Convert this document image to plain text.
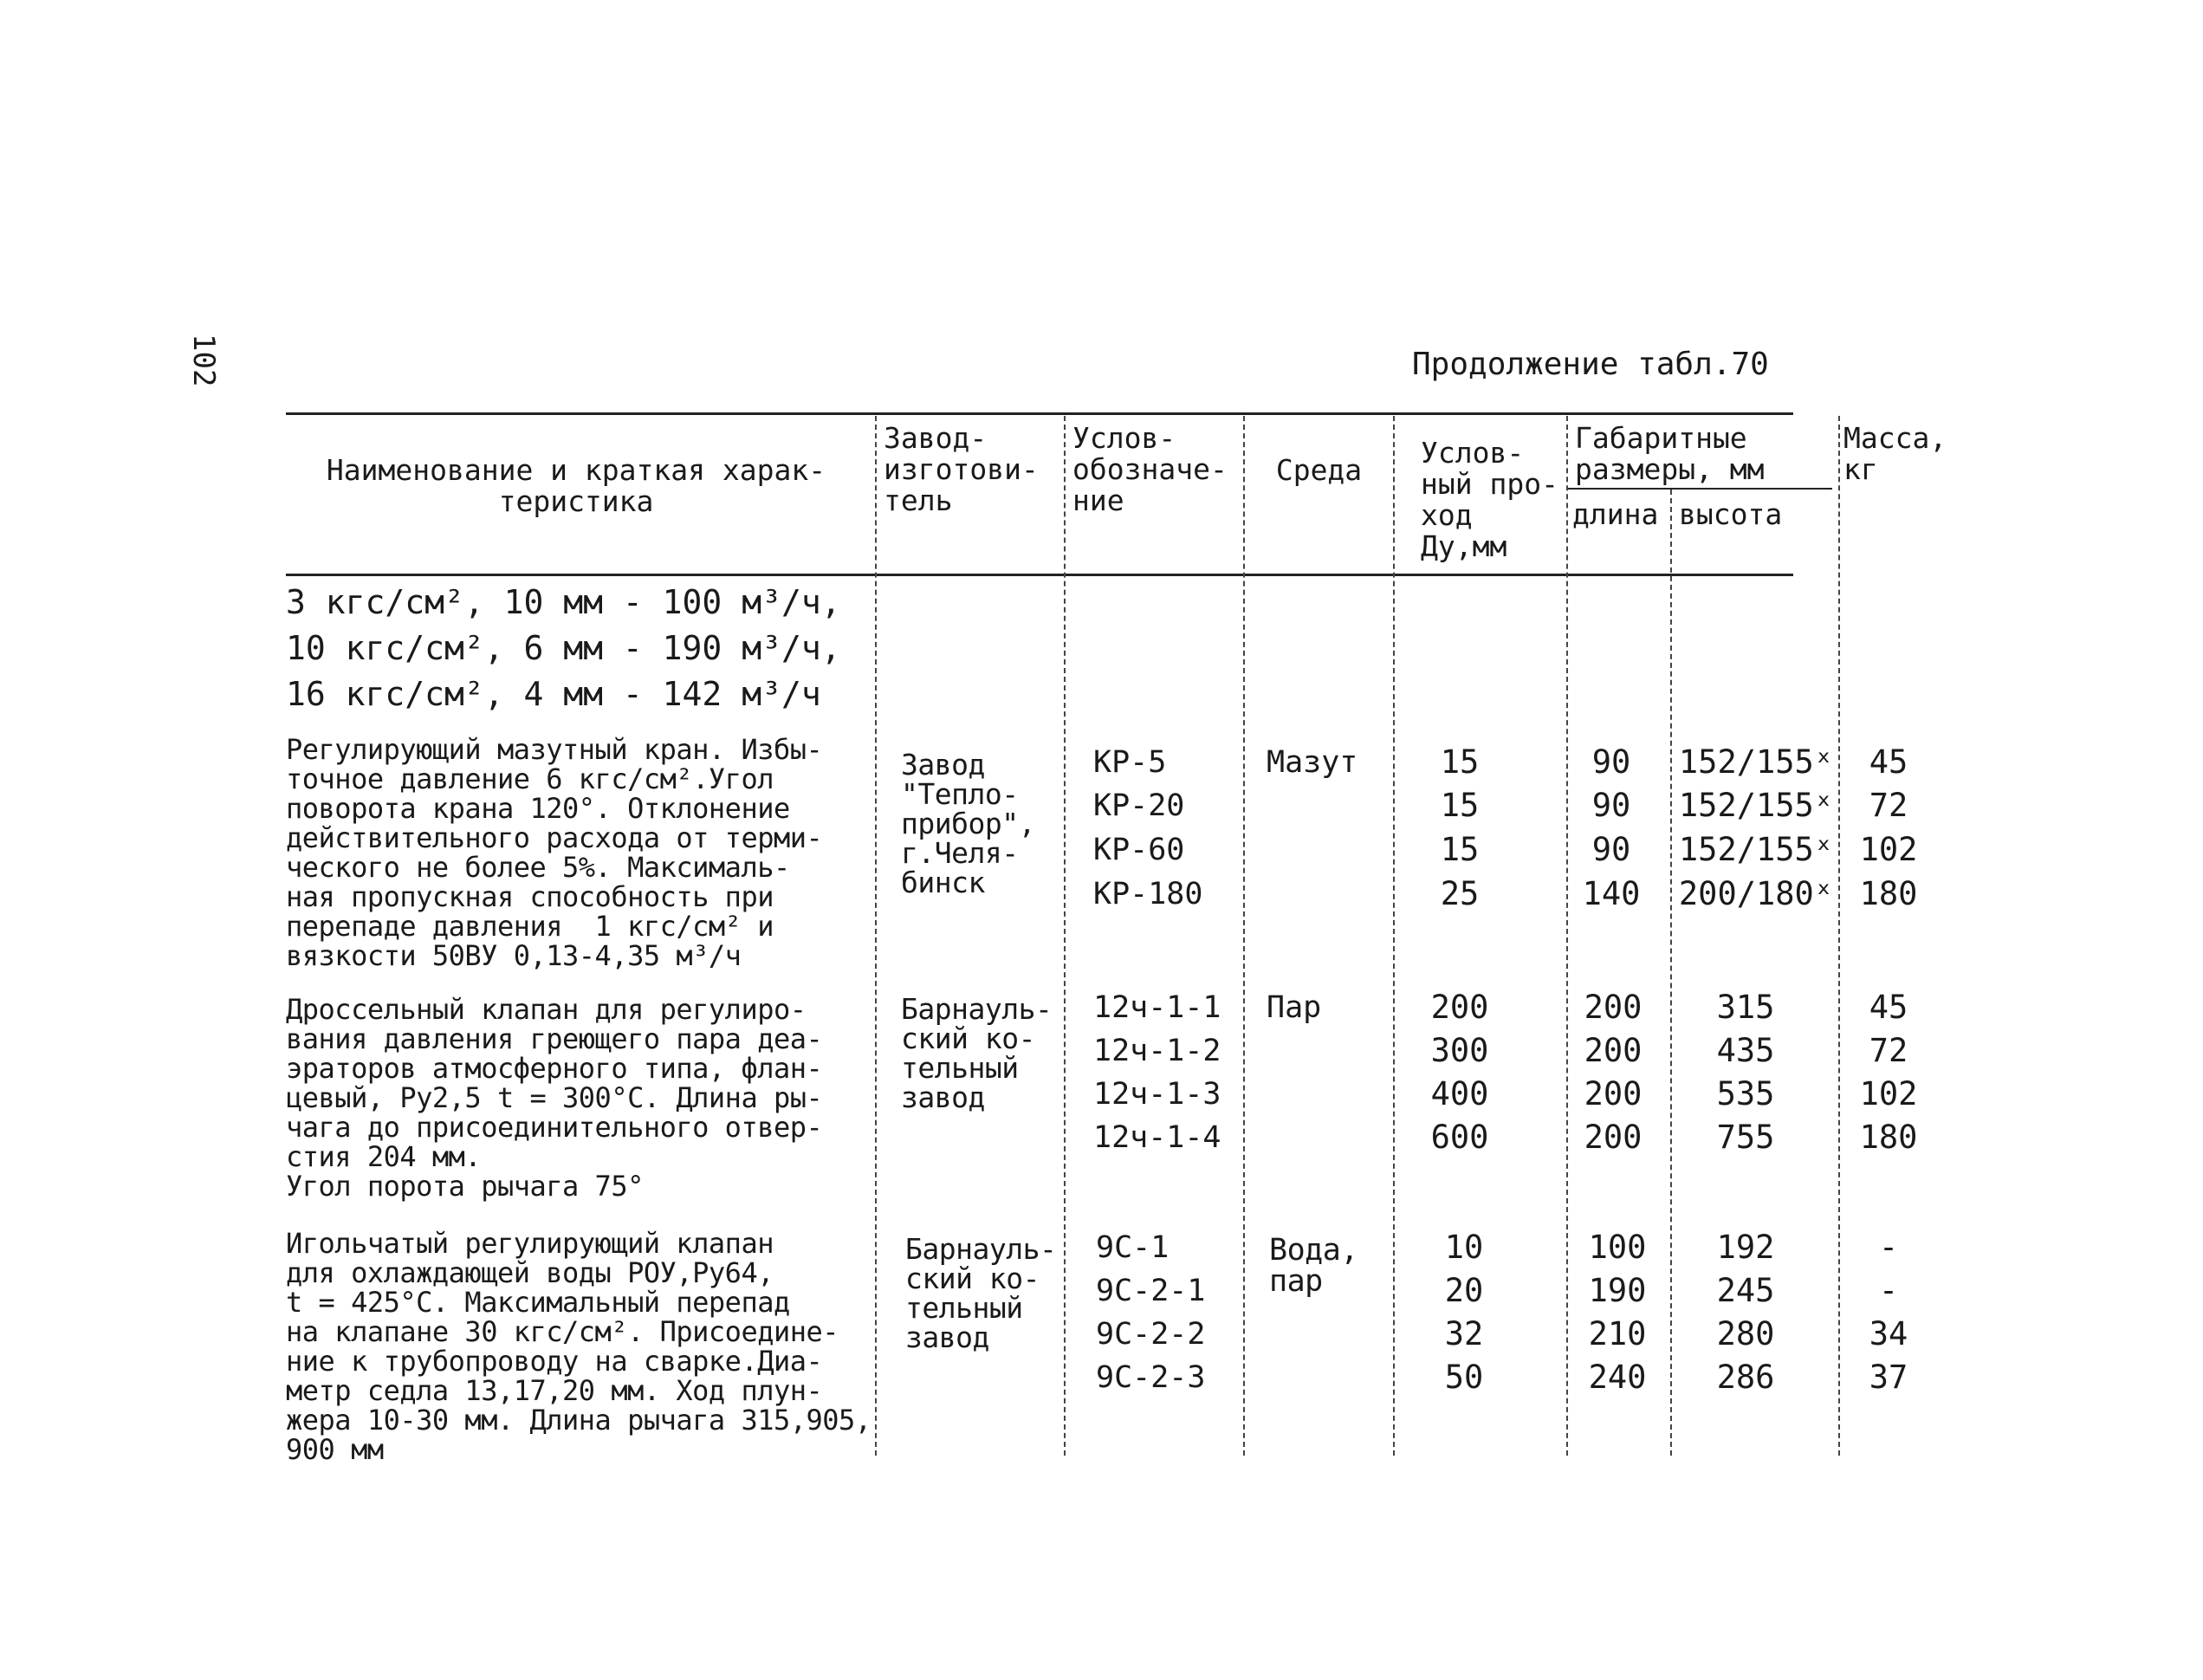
102	Продолжение табл.70
Наименование и краткая харак-
теристика
Завод-
изготови-
тель
Услов-
обозначе-
ние
Среда
Услов-
ный про-
ход
Ду,мм
Габаритные
размеры, мм
длина высота
Масса,
кг
3 кгс/см², 10 мм - 100 м³/ч,
10 кгс/см², 6 мм - 190 м³/ч,
16 кгс/см², 4 мм - 142 м³/ч
Регулирующий мазутный кран. Избы-
точное давление 6 кгс/см².Угол
поворота крана 120°. Отклонение
действительного расхода от терми-
ческого не более 5%. Максималь-
ная пропускная способность при
перепаде давления  1 кгс/см² и
вязкости 50ВУ 0,13-4,35 м³/ч
Завод
"Тепло-
прибор",
г.Челя-
бинск
Мазут
КР-5
КР-20
КР-60
КР-180
15
15
15
25
90
90
90
140
152/155ˣ
152/155ˣ
152/155ˣ
200/180ˣ
45
72
102
180
Дроссельный клапан для регулиро-
вания давления греющего пара деа-
эраторов атмосферного типа, флан-
цевый, Ру2,5 t = 300°С. Длина ры-
чага до присоединительного отвер-
стия 204 мм.
Угол порота рычага 75°
Барнауль-
ский ко-
тельный
завод
Пар
12ч-1-1
12ч-1-2
12ч-1-3
12ч-1-4
200
300
400
600
200
200
200
200
315
435
535
755
45
72
102
180
Игольчатый регулирующий клапан
для охлаждающей воды РОУ,Ру64,
t = 425°С. Максимальный перепад
на клапане 30 кгс/см². Присоедине-
ние к трубопроводу на сварке.Диа-
метр седла 13,17,20 мм. Ход плун-
жера 10-30 мм. Длина рычага 315,905,
900 мм
Барнауль-
ский ко-
тельный
завод
Вода,
пар
9С-1
9С-2-1
9С-2-2
9С-2-3
10
20
32
50
100
190
210
240
192
245
280
286
-
-
34
37
